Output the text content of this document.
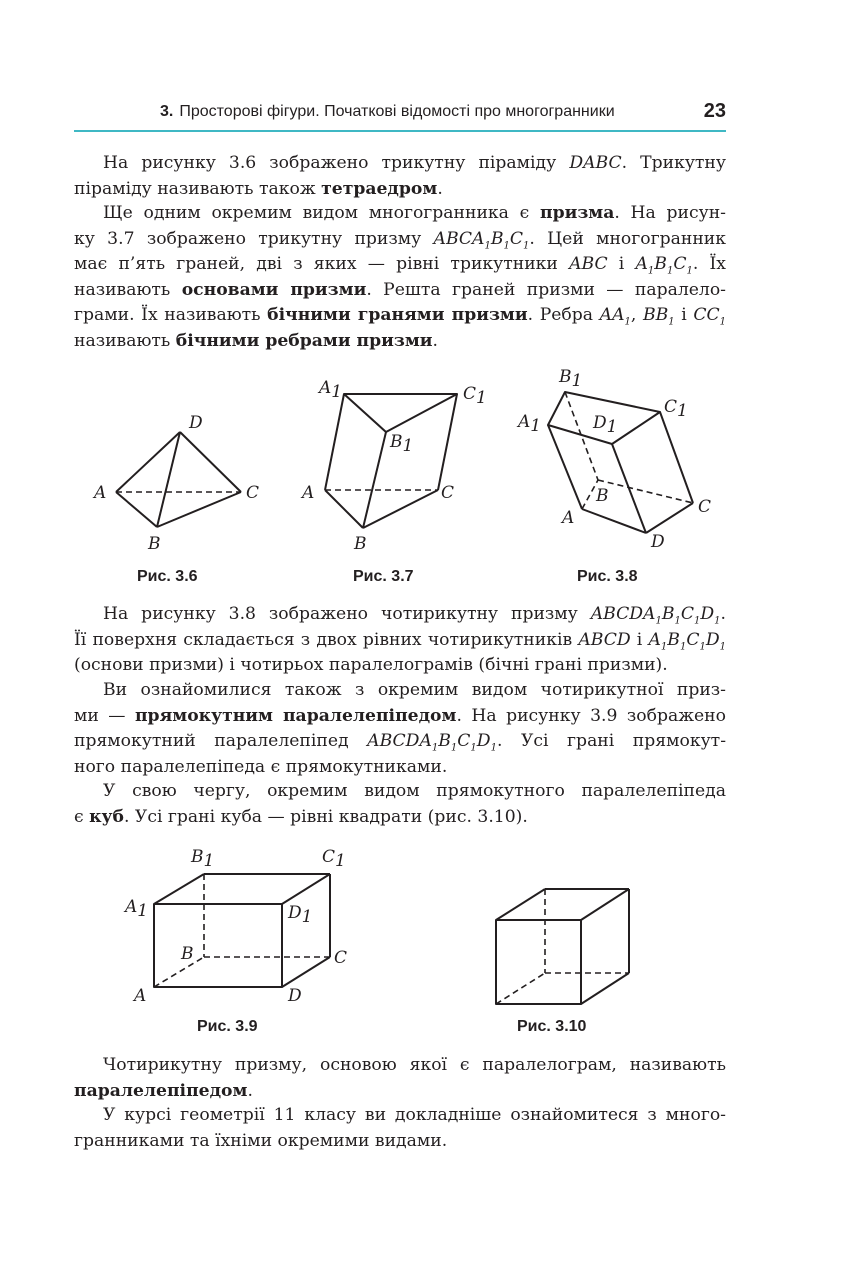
3. Просторові фігури. Початкові відомості про многогранники	23
На рисунку 3.6 зображено трикутну піраміду DABC. Трикутну
піраміду називають також тетраедром.
Ще одним окремим видом многогранника є призма. На рисун-
ку 3.7 зображено трикутну призму $ABCA_1B_1C_1$. Цей многогранник
має п’ять граней, дві з яких — рівні трикутники ABC і $A_1B_1C_1$. Їх
називають основами призми. Решта граней призми — паралело-
грами. Їх називають бічними гранями призми. Ребра $AA_1$, $BB_1$ і $CC_1$
називають бічними ребрами призми.
A
D
C
B
Рис. 3.6
A1	C1
B1
A	C
B
Рис. 3.7
B1
A1	D1
C1
B
A
C
D
Рис. 3.8
На рисунку 3.8 зображено чотирикутну призму $ABCDA_1B_1C_1D_1$.
Її поверхня складається з двох рівних чотирикутників ABCD і $A_1B_1C_1D_1$
(основи призми) і чотирьох паралелограмів (бічні грані призми).
Ви ознайомилися також з окремим видом чотирикутної приз-
ми — прямокутним паралелепіпедом. На рисунку 3.9 зображено
прямокутний паралелепіпед $ABCDA_1B_1C_1D_1$. Усі грані прямокут-
ного паралелепіпеда є прямокутниками.
У свою чергу, окремим видом прямокутного паралелепіпеда
є куб. Усі грані куба — рівні квадрати (рис. 3.10).
B1	C1
A1	D1
B	C
A	D
Рис. 3.9	Рис. 3.10
Чотирикутну призму, основою якої є паралелограм, називають
паралелепіпедом.
У курсі геометрії 11 класу ви докладніше ознайомитеся з много-
гранниками та їхніми окремими видами.
